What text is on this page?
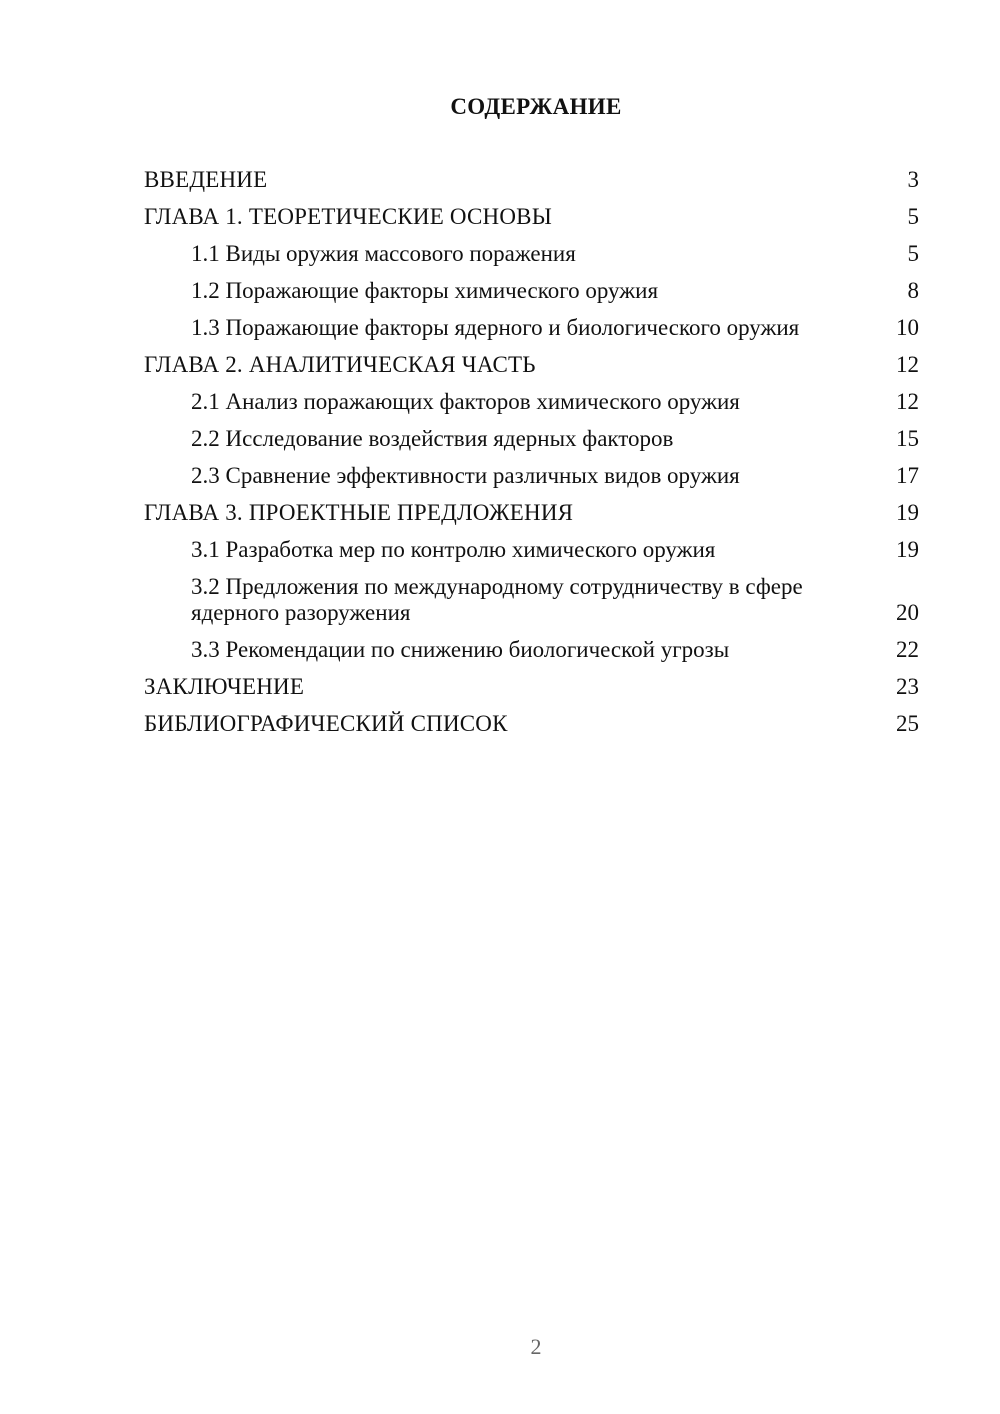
СОДЕРЖАНИЕ
ВВЕДЕНИЕ	3
ГЛАВА 1. ТЕОРЕТИЧЕСКИЕ ОСНОВЫ	5
1.1 Виды оружия массового поражения	5
1.2 Поражающие факторы химического оружия	8
1.3 Поражающие факторы ядерного и биологического оружия	10
ГЛАВА 2. АНАЛИТИЧЕСКАЯ ЧАСТЬ	12
2.1 Анализ поражающих факторов химического оружия	12
2.2 Исследование воздействия ядерных факторов	15
2.3 Сравнение эффективности различных видов оружия	17
ГЛАВА 3. ПРОЕКТНЫЕ ПРЕДЛОЖЕНИЯ	19
3.1 Разработка мер по контролю химического оружия	19
3.2 Предложения по международному сотрудничеству в сфере ядерного разоружения	20
3.3 Рекомендации по снижению биологической угрозы	22
ЗАКЛЮЧЕНИЕ	23
БИБЛИОГРАФИЧЕСКИЙ СПИСОК	25
2
